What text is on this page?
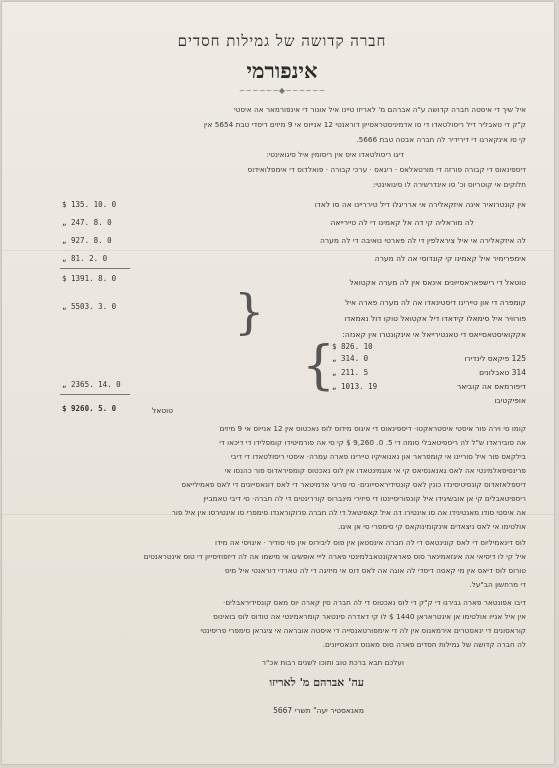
חברה קדושה של גמילות חסדים
אינפורמי
∼∼∼∼∼∼◆∼∼∼∼∼∼
איל שיך די איסטה חברה קדושה ע"ה אברהם מ' לאריזו טיינו איל אונור די אינפורמאר אה איסטי
ק"ק די טאבליר דיל ריסולטאדו די סו אדמיניסטראסייון דוראנטי 12 אנייוס אי 9 מיזים דיסדי טבת 5654 אין
קי סו אינקארגו די דירידיר לה חברה אבטה טבת 5666.
דיגו ריסולטאדו איס אין ריסומין איל סיגואינטי:
דיספינאוס די קבורה פורזה די מורטאלאס · ריגאס · ערכי קבורה · פואלדוס די אימפלואידוס
חלוקים אי קוטריוס וכ' סו אינדרשירה לו סיגואינטי:
אין קונטרואיר אינה איזקאלירה אי ארריגלו דיל טירריינו אה סו לאדו
$ 135. 10. 0
לה מוראליה קי דה אל קאמינו די לה טיירייאה
„ 247. 8. 0
לה איזקאלירה אי איל ציראלפין די לה פארטי נואיבה די לה מערה
„ 927. 8. 0
אימפרימיר איל קאמינו קי קונדוסי אה לה מערה
„ 81. 2. 0
$ 1391. 8. 0	טוטאל די רישפאראסייונים אינאס אין לה מערה אקטואל
קומפרה די און טיירינו דיסטינאדו אה לה מערה פארה איל
פורוויר איל סימאלו קידאדו דיל אקטואל טוקו דול נאמאדו
אקקואיסטאסייאס די טאנטירייאל אי אינקונטרו אין קאנזה:
}
„ 5503. 3. 0
$ 826. 10
125 פיקאס לינדירו
„ 314. 0
314 טאבלונים
„ 211. 5
דיפורמאס אה קוביאר
„ 1013. 19
אופיקטיבו
{
„ 2365. 14. 0
$ 9260. 5. 0	טוטאל
קומו סי וירה פור איסטי איסטראקטו· דיספינאוס די איגוס מידוס לוס נאכטוס אין 12 אנייוס אי 9 מיזים
אה סוביראדו ש"ל לה ריספיטאבלי סומה די 5. 0. 9,260 $ קי סי אה פורמיטידו קומפלידו די דיכאו די
בילקאס פור איל סוריינו אי קומפראר און נאנואיקיו טיירינו פארה עמרה· איסטי ריסולטאדו די דיבי
פרינסיפאלמינטי אה לאס גאנאנסיאס קי אי אוגמינטאדו אין לוס נאכטוס קומפיראדוס פור כהנסו אי
דיספלאזאדוס קונסיטיסינדו כונין לאס קונסידיראסייונים· סי פריגי אדמיטאר די לאס דונאסייונים די לאס פאמילייאס
ריספיטאבלים קי אן אובשיגידו איל קונפוריסיינטו די פיזירי מינברוס קוררינטים די לה חברה· סי דיבי טאמביין
אה איסטי סודו מאנטינידו אה סו אינטירו דה איל קאפיטאל די לה חברה פרוקוראנדו סימפרי סו אינטירסו אין איל פור
אולטימו אי לאס ניצאדים אינקומינוקאס קי סימפרי סי אן איגו.
לוס דינאמיליוס די לאס קונינטאס די לה חברה אינסטאן אין פוס ליבירוס אין פוי סודיר · איגויסי אה מידו
איל קי לו דיסיאי אה איגזאמינאר סוס פאראקונטאבלמינטי פארה לייי אופשיגו אי מישמו אה לה דיזפוזיסייון די טוס אינטראנטים
טורוס לוס דיאס אין מי קאסה דיסדי לה אוגה אה לאס דוס אי מיזיגה די לה טארדי דוראנטי איל מיס
די מרחשון הב"על.
דיבו אפונטאר פארה גבירנו די ק"ק די לוס נאכטוס די לה חברה סין קארה יוס מאס קונסידיראבלים·
אין איל אנייו אולטימו אן אינטראראן 1440 $ לו קי דאדרה סינטאר קומראמינטי אה טודוס לוס בואינוס
קוראסונים די ינאסטרים אירמאנוס אין לה די אימפורטאנסייה די איסטה אובראה אי ציגראן סימפרי פריסינטי
לה חברה קדושה של גמילות חסדים פארה סוס מאנוס דונאסייונים.
ועלכם תבא ברכת טוב ותוכו לשנים רבות אכ"ר
עה' אברהם מ' לאריזו
מאנאסטיר יעה" תשרי 5667
